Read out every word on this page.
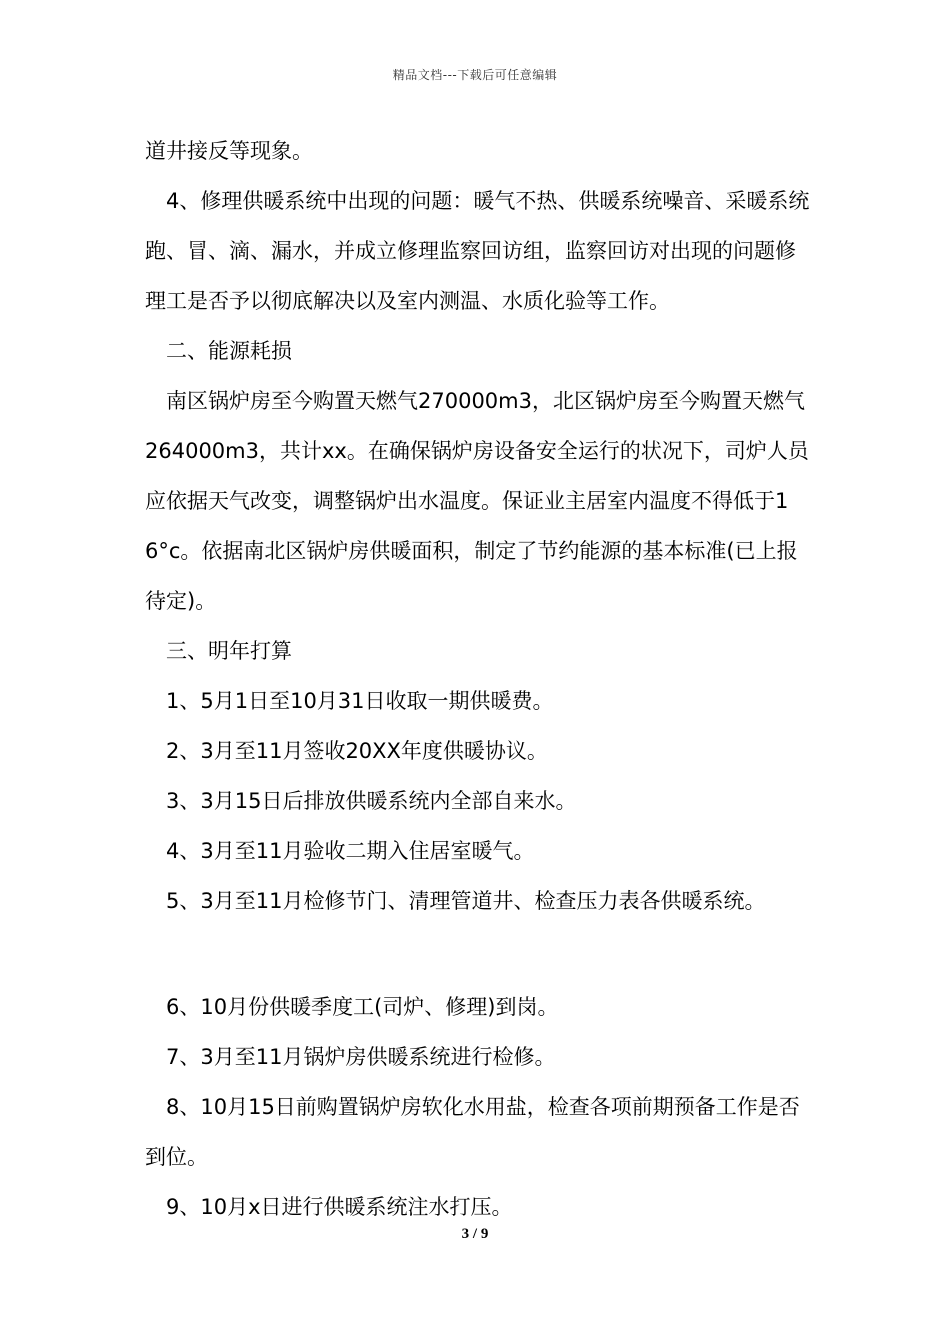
精品文档---下载后可任意编辑

道井接反等现象。

4、修理供暖系统中出现的问题：暖气不热、供暖系统噪音、采暖系统跑、冒、滴、漏水，并成立修理监察回访组，监察回访对出现的问题修理工是否予以彻底解决以及室内测温、水质化验等工作。

二、能源耗损

南区锅炉房至今购置天燃气270000m3，北区锅炉房至今购置天燃气264000m3，共计xx。在确保锅炉房设备安全运行的状况下，司炉人员应依据天气改变，调整锅炉出水温度。保证业主居室内温度不得低于16°c。依据南北区锅炉房供暖面积，制定了节约能源的基本标准(已上报待定)。

三、明年打算

1、5月1日至10月31日收取一期供暖费。

2、3月至11月签收20XX年度供暖协议。

3、3月15日后排放供暖系统内全部自来水。

4、3月至11月验收二期入住居室暖气。

5、3月至11月检修节门、清理管道井、检查压力表各供暖系统。

6、10月份供暖季度工(司炉、修理)到岗。

7、3月至11月锅炉房供暖系统进行检修。

8、10月15日前购置锅炉房软化水用盐，检查各项前期预备工作是否到位。

9、10月x日进行供暖系统注水打压。

3 / 9
